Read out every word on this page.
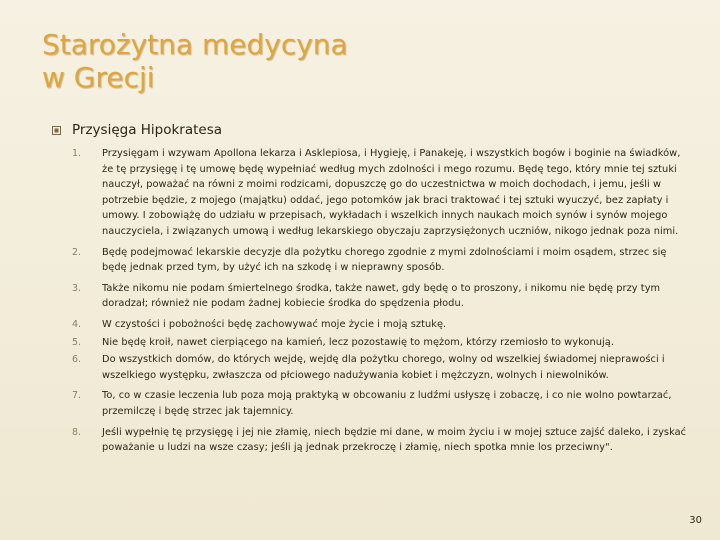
Starożytna medycyna
w Grecji
Przysięga Hipokratesa
1.	Przysięgam i wzywam Apollona lekarza i Asklepiosa, i Hygieję, i Panakeję, i wszystkich bogów i boginie na świadków, że tę przysięgę i tę umowę będę wypełniać według mych zdolności i mego rozumu. Będę tego, który mnie tej sztuki nauczył, poważać na równi z moimi rodzicami, dopuszczę go do uczestnictwa w moich dochodach, i jemu, jeśli w potrzebie będzie, z mojego (majątku) oddać, jego potomków jak braci traktować i tej sztuki wyuczyć, bez zapłaty i umowy. I zobowiążę do udziału w przepisach, wykładach i wszelkich innych naukach moich synów i synów mojego nauczyciela, i związanych umową i według lekarskiego obyczaju zaprzysiężonych uczniów, nikogo jednak poza nimi.
2.	Będę podejmować lekarskie decyzje dla pożytku chorego zgodnie z mymi zdolnościami i moim osądem, strzec się będę jednak przed tym, by użyć ich na szkodę i w nieprawny sposób.
3.	Także nikomu nie podam śmiertelnego środka, także nawet, gdy będę o to proszony, i nikomu nie będę przy tym doradzał; również nie podam żadnej kobiecie środka do spędzenia płodu.
4.	W czystości i pobożności będę zachowywać moje życie i moją sztukę.
5.	Nie będę kroił, nawet cierpiącego na kamień, lecz pozostawię to mężom, którzy rzemiosło to wykonują.
6.	Do wszystkich domów, do których wejdę, wejdę dla pożytku chorego, wolny od wszelkiej świadomej nieprawości i wszelkiego występku, zwłaszcza od płciowego nadużywania kobiet i mężczyzn, wolnych i niewolników.
7.	To, co w czasie leczenia lub poza moją praktyką w obcowaniu z ludźmi usłyszę i zobaczę, i co nie wolno powtarzać, przemilczę i będę strzec jak tajemnicy.
8.	Jeśli wypełnię tę przysięgę i jej nie złamię, niech będzie mi dane, w moim życiu i w mojej sztuce zajść daleko, i zyskać poważanie u ludzi na wsze czasy; jeśli ją jednak przekroczę i złamię, niech spotka mnie los przeciwny".
30
